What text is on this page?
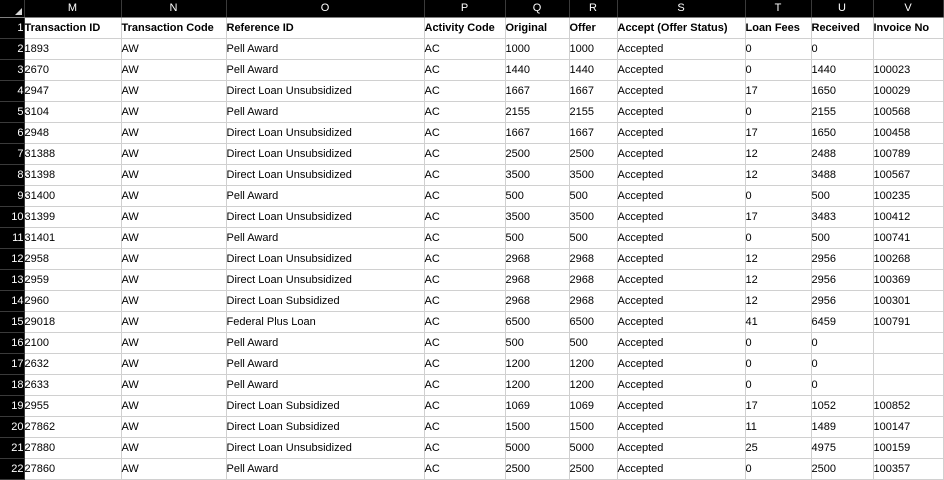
	M	N	O	P	Q	R	S	T	U	V
1	Transaction ID	Transaction Code	Reference ID	Activity Code	Original	Offer	Accept (Offer Status)	Loan Fees	Received	Invoice No
2	1893	AW	Pell Award	AC	1000	1000	Accepted	0	0	
3	2670	AW	Pell Award	AC	1440	1440	Accepted	0	1440	100023
4	2947	AW	Direct Loan Unsubsidized	AC	1667	1667	Accepted	17	1650	100029
5	3104	AW	Pell Award	AC	2155	2155	Accepted	0	2155	100568
6	2948	AW	Direct Loan Unsubsidized	AC	1667	1667	Accepted	17	1650	100458
7	31388	AW	Direct Loan Unsubsidized	AC	2500	2500	Accepted	12	2488	100789
8	31398	AW	Direct Loan Unsubsidized	AC	3500	3500	Accepted	12	3488	100567
9	31400	AW	Pell Award	AC	500	500	Accepted	0	500	100235
10	31399	AW	Direct Loan Unsubsidized	AC	3500	3500	Accepted	17	3483	100412
11	31401	AW	Pell Award	AC	500	500	Accepted	0	500	100741
12	2958	AW	Direct Loan Unsubsidized	AC	2968	2968	Accepted	12	2956	100268
13	2959	AW	Direct Loan Unsubsidized	AC	2968	2968	Accepted	12	2956	100369
14	2960	AW	Direct Loan Subsidized	AC	2968	2968	Accepted	12	2956	100301
15	29018	AW	Federal Plus Loan	AC	6500	6500	Accepted	41	6459	100791
16	2100	AW	Pell Award	AC	500	500	Accepted	0	0	
17	2632	AW	Pell Award	AC	1200	1200	Accepted	0	0	
18	2633	AW	Pell Award	AC	1200	1200	Accepted	0	0	
19	2955	AW	Direct Loan Subsidized	AC	1069	1069	Accepted	17	1052	100852
20	27862	AW	Direct Loan Subsidized	AC	1500	1500	Accepted	11	1489	100147
21	27880	AW	Direct Loan Unsubsidized	AC	5000	5000	Accepted	25	4975	100159
22	27860	AW	Pell Award	AC	2500	2500	Accepted	0	2500	100357
